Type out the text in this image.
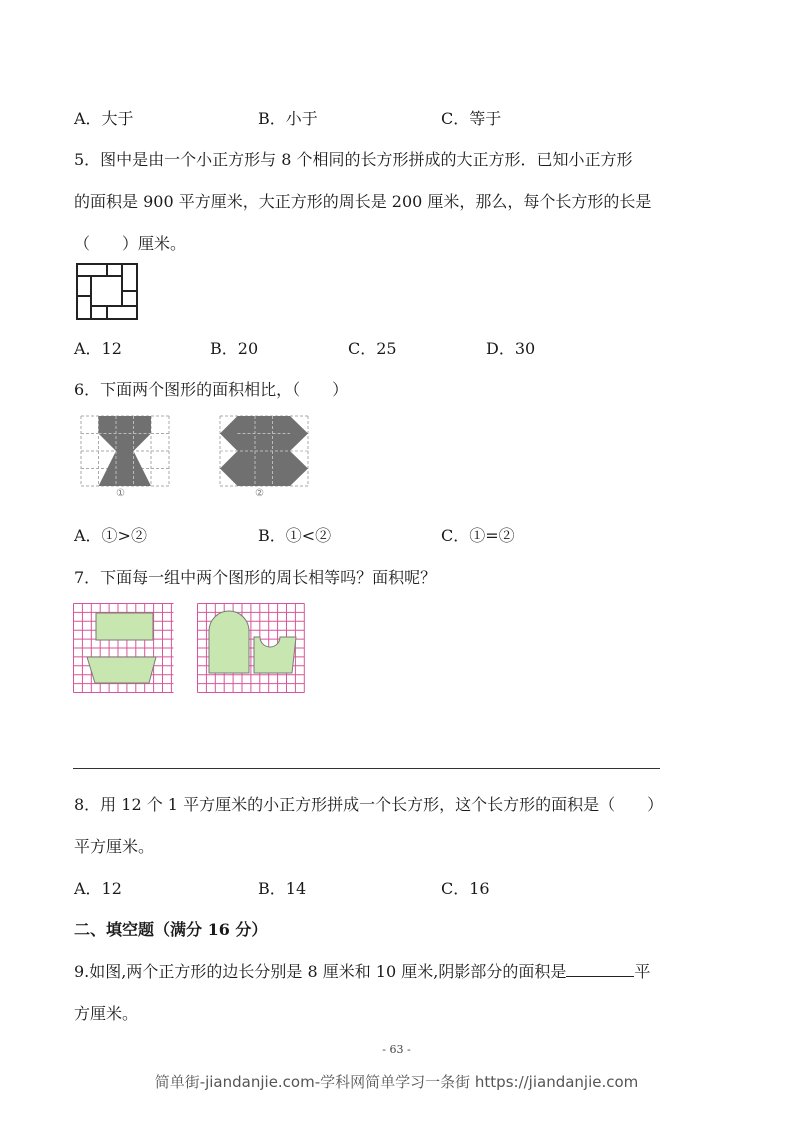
A．大于	B．小于	C．等于
5．图中是由一个小正方形与 8 个相同的长方形拼成的大正方形．已知小正方形
的面积是 900 平方厘米，大正方形的周长是 200 厘米，那么，每个长方形的长是
（　　）厘米。
A．12	B．20	C．25	D．30
6．下面两个图形的面积相比，（　　）
①	②
A．①>②	B．①<②	C．①=②
7．下面每一组中两个图形的周长相等吗？面积呢？
8．用 12 个 1 平方厘米的小正方形拼成一个长方形，这个长方形的面积是（　　）
平方厘米。
A．12	B．14	C．16
二、填空题（满分 16 分）
9.如图,两个正方形的边长分别是 8 厘米和 10 厘米,阴影部分的面积是	平
方厘米。
- 63 -
简单街-jiandanjie.com-学科网简单学习一条街 https://jiandanjie.com
